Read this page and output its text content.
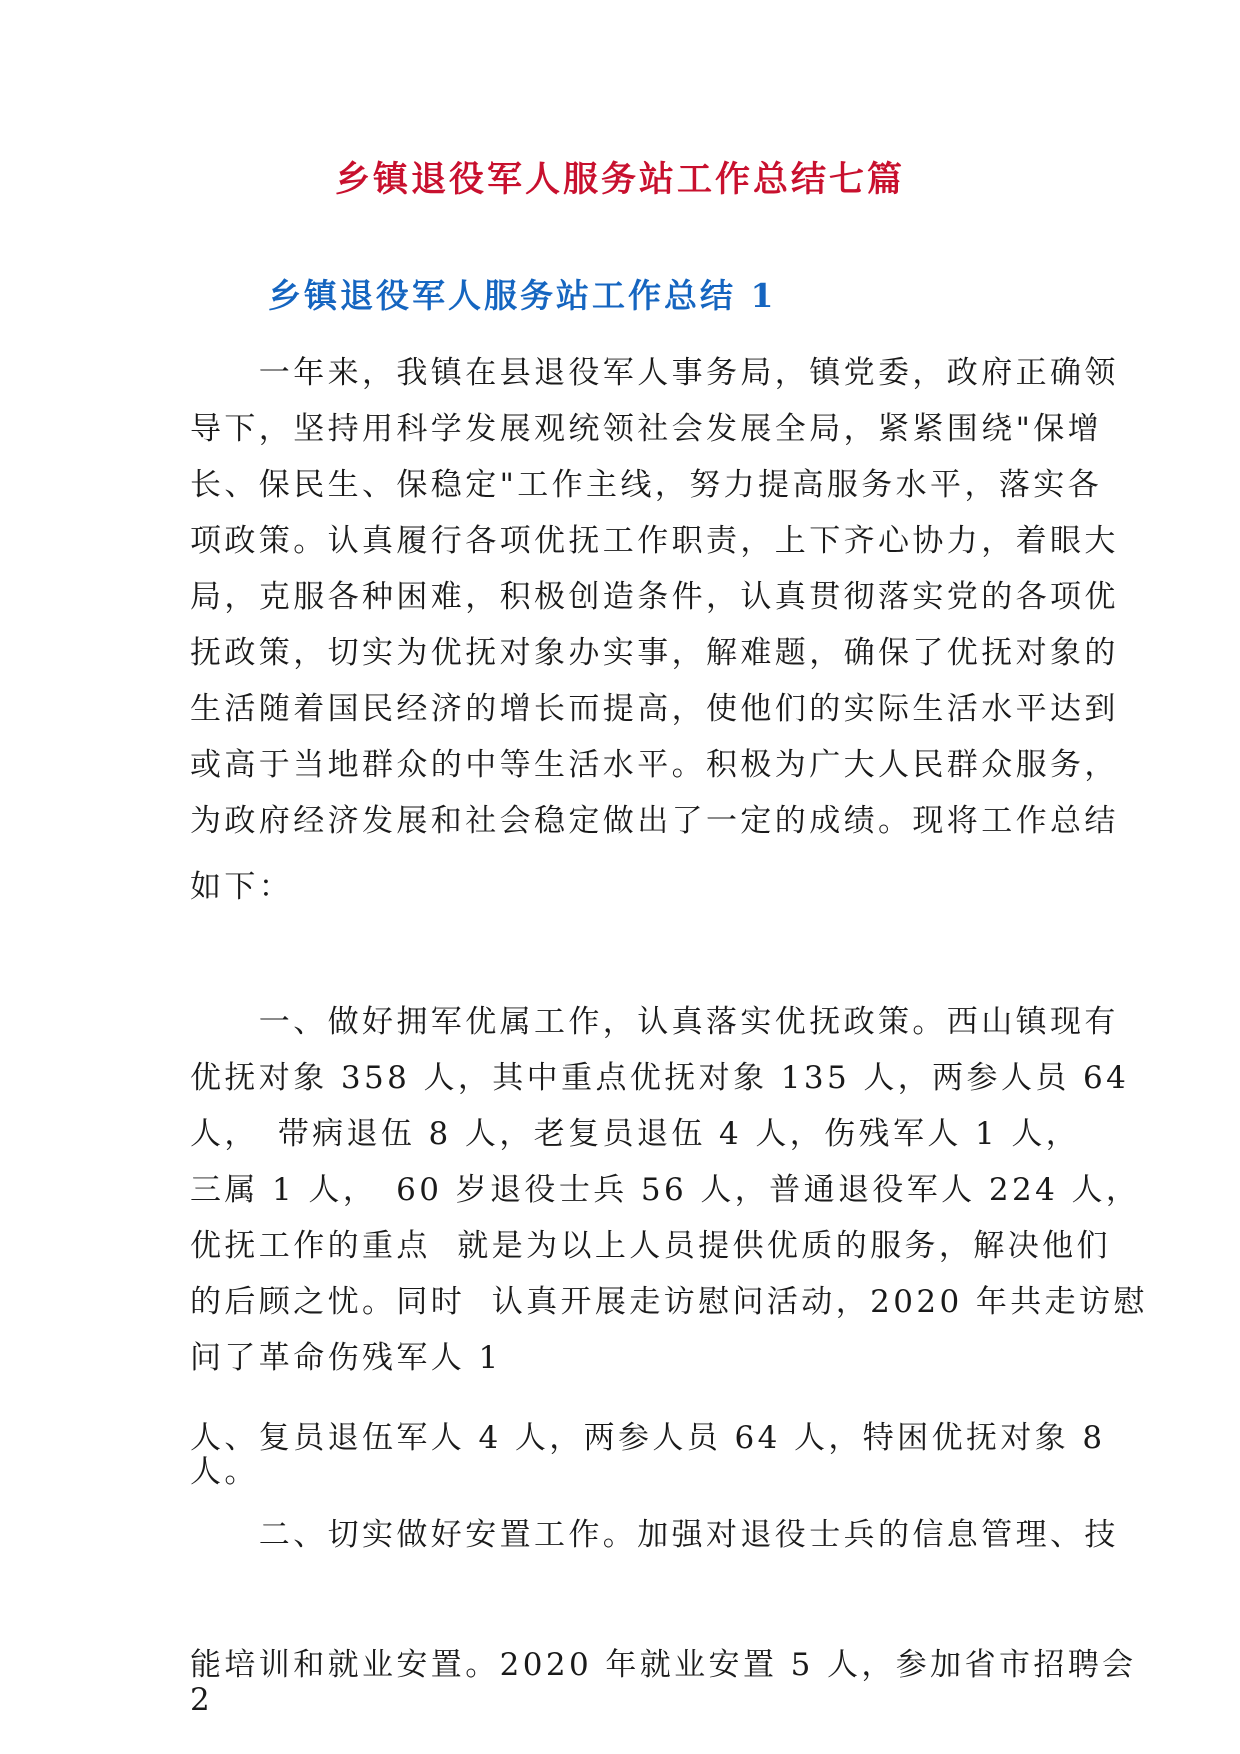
乡镇退役军人服务站工作总结七篇
乡镇退役军人服务站工作总结 1

　　一年来，我镇在县退役军人事务局，镇党委，政府正确领

导下，坚持用科学发展观统领社会发展全局，紧紧围绕"保增

长、保民生、保稳定"工作主线，努力提高服务水平，落实各

项政策。认真履行各项优抚工作职责，上下齐心协力，着眼大

局，克服各种困难，积极创造条件，认真贯彻落实党的各项优

抚政策，切实为优抚对象办实事，解难题，确保了优抚对象的

生活随着国民经济的增长而提高，使他们的实际生活水平达到

或高于当地群众的中等生活水平。积极为广大人民群众服务，

为政府经济发展和社会稳定做出了一定的成绩。现将工作总结

如下：

　　一、做好拥军优属工作，认真落实优抚政策。西山镇现有

优抚对象 358 人，其中重点优抚对象 135 人，两参人员 64

人，　带病退伍 8 人，老复员退伍 4 人，伤残军人 1 人，

三属 1 人，　60 岁退役士兵 56 人，普通退役军人 224 人，

优抚工作的重点  就是为以上人员提供优质的服务，解决他们

的后顾之忧。同时  认真开展走访慰问活动，2020 年共走访慰

问了革命伤残军人 1

人、复员退伍军人 4 人，两参人员 64 人，特困优抚对象 8

人。

　　二、切实做好安置工作。加强对退役士兵的信息管理、技

能培训和就业安置。2020 年就业安置 5 人，参加省市招聘会

2
